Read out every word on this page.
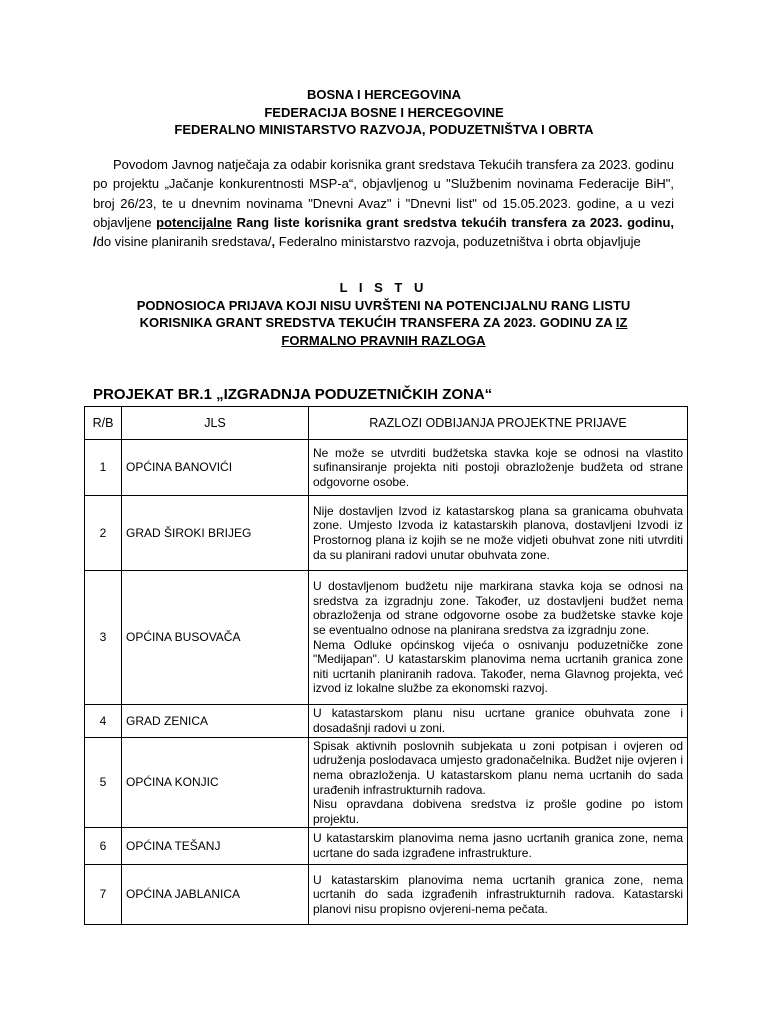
BOSNA I HERCEGOVINA
FEDERACIJA BOSNE I HERCEGOVINE
FEDERALNO MINISTARSTVO RAZVOJA, PODUZETNIŠTVA I OBRTA
Povodom Javnog natječaja za odabir korisnika grant sredstava Tekućih transfera za 2023. godinu po projektu „Jačanje konkurentnosti MSP-a“, objavljenog u "Službenim novinama Federacije BiH", broj 26/23, te u dnevnim novinama "Dnevni Avaz" i "Dnevni list" od 15.05.2023. godine, a u vezi objavljene potencijalne Rang liste korisnika grant sredstva tekućih transfera za 2023. godinu, /do visine planiranih sredstava/, Federalno ministarstvo razvoja, poduzetništva i obrta objavljuje
L I S T U
PODNOSIOCA PRIJAVA KOJI NISU UVRŠTENI NA POTENCIJALNU RANG LISTU
KORISNIKA GRANT SREDSTVA TEKUĆIH TRANSFERA ZA 2023. GODINU ZA IZ
FORMALNO PRAVNIH RAZLOGA
PROJEKAT BR.1 „IZGRADNJA PODUZETNIČKIH ZONA“
R/B	JLS	RAZLOZI ODBIJANJA PROJEKTNE PRIJAVE
1	OPĆINA BANOVIĆI	Ne može se utvrditi budžetska stavka koje se odnosi na vlastito sufinansiranje projekta niti postoji obrazloženje budžeta od strane odgovorne osobe.

2	GRAD ŠIROKI BRIJEG	Nije dostavljen Izvod iz katastarskog plana sa granicama obuhvata zone. Umjesto Izvoda iz katastarskih planova, dostavljeni Izvodi iz Prostornog plana iz kojih se ne može vidjeti obuhvat zone niti utvrditi da su planirani radovi unutar obuhvata zone.

3	OPĆINA BUSOVAČA	U dostavljenom budžetu nije markirana stavka koja se odnosi na sredstva za izgradnju zone. Također, uz dostavljeni budžet nema obrazloženja od strane odgovorne osobe za budžetske stavke koje se eventualno odnose na planirana sredstva za izgradnju zone.

Nema Odluke općinskog vijeća o osnivanju poduzetničke zone "Medijapan". U katastarskim planovima nema ucrtanih granica zone niti ucrtanih planiranih radova. Također, nema Glavnog projekta, već izvod iz lokalne službe za ekonomski razvoj.

4	GRAD ZENICA	U katastarskom planu nisu ucrtane granice obuhvata zone i dosadašnji radovi u zoni.

5	OPĆINA KONJIC	Spisak aktivnih poslovnih subjekata u zoni potpisan i ovjeren od udruženja poslodavaca umjesto gradonačelnika. Budžet nije ovjeren i nema obrazloženja. U katastarskom planu nema ucrtanih do sada urađenih infrastrukturnih radova.

Nisu opravdana dobivena sredstva iz prošle godine po istom projektu.

6	OPĆINA TEŠANJ	U katastarskim planovima nema jasno ucrtanih granica zone, nema ucrtane do sada izgrađene infrastrukture.

7	OPĆINA JABLANICA	U katastarskim planovima nema ucrtanih granica zone, nema ucrtanih do sada izgrađenih infrastrukturnih radova. Katastarski planovi nisu propisno ovjereni-nema pečata.
